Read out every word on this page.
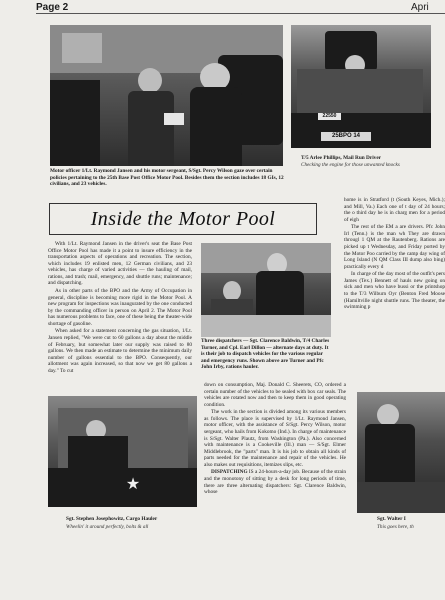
Page 2	Apri
Motor officer 1/Lt. Raymond Jansen and his motor sergeant, S/Sgt. Percy Wilson gaze over certain policies pertaining to the 25th Base Post Office Motor Pool. Besides them the section includes 18 GIs, 12 civilians, and 23 vehicles.
22550
25BPO 14
T/5 Arlee Phillips, Mail Run Driver
Checking the engine for those unwanted knocks
Inside the Motor Pool

With 1/Lt. Raymond Jansen in the driver's seat the Base Post Office Motor Pool has made it a point to insure efficiency in the transportation aspects of operations and recreation. The section, which includes 19 enlisted men, 12 German civilians, and 23 vehicles, has charge of varied activities — the hauling of mail, rations, and trash; mail, emergency, and shuttle runs; maintenance; and dispatching.

As in other parts of the BPO and the Army of Occupation in general, discipline is becoming more rigid in the Motor Pool. A new program for inspections was inaugurated by the one conducted by the commanding officer in person on April 2. The Motor Pool has numerous problems to face, one of these being the theater-wide shortage of gasoline.

When asked for a statement concerning the gas situation, 1/Lt. Jansen replied, "We were cut to 60 gallons a day about the middle of February, but somewhat later our supply was raised to 80 gallons. We then made an estimate to determine the minimum daily number of gallons essential to the BPO. Consequently, our allotment was again increased, so that now we get 80 gallons a day." To cut

Three dispatchers — Sgt. Clarence Baldwin, T/4 Charles Turner, and Cpl. Earl Dillon — alternate days at duty. It is their job to dispatch vehicles for the various regular and emergency runs. Shown above are Turner and Pfc John Irby, rations hauler.

home is in Stratford (t (South Keyes, Mich.); and Mill, Va.) Each one of t day of 24 hours; the o third day he is in charg men for a period of eigh

The rest of the EM a are drivers. Pfc John Irl (Tenn.) is the man wh They are drawn througl 1 QM at the Rautenberg. Rations are picked up t Wednesday, and Friday ported by the Motor Poo carried by the camp day wing of Long Island (N QM Class III dump also bing) practically every d

In charge of the day most of the outfit's pers James (Tex.) Bennett of hauls new going on sick and men who have bussi or the printshop to the T/3 Wilburn Oyr (Benton Fred Moose (Hamiltville night shuttle runs. The theater, the swimming p

★
Sgt. Stephen Josephowitz, Cargo Hauler
Wheelin' it around perfectly, bolts & all

down on consumption, Maj. Donald C. Sheerets, CO, ordered a certain number of the vehicles to be sealed with box car seals. The vehicles are rotated now and then to keep them in good operating condition.

The work in the section is divided among its various members as follows. The place is supervised by 1/Lt. Raymond Jansen, motor officer, with the assistance of S/Sgt. Percy Wilson, motor sergeant, who hails from Kokomo (Ind.). In charge of maintenance is S/Sgt. Walter Plautz, from Washington (Pa.). Also concerned with maintenance is a Cookeville (Ill.) man — S/Sgt. Elmer Middlebrook, the "parts" man. It is his job to obtain all kinds of parts needed for the maintenance and repair of the vehicles. He also makes out requisitions, itemizes slips, etc.

DISPATCHING IS a 24-hours-a-day job. Because of the strain and the monotony of sitting by a desk for long periods of time, there are three alternating dispatchers: Sgt. Clarence Baldwin, whose

Sgt. Walter I
This goes here, th
